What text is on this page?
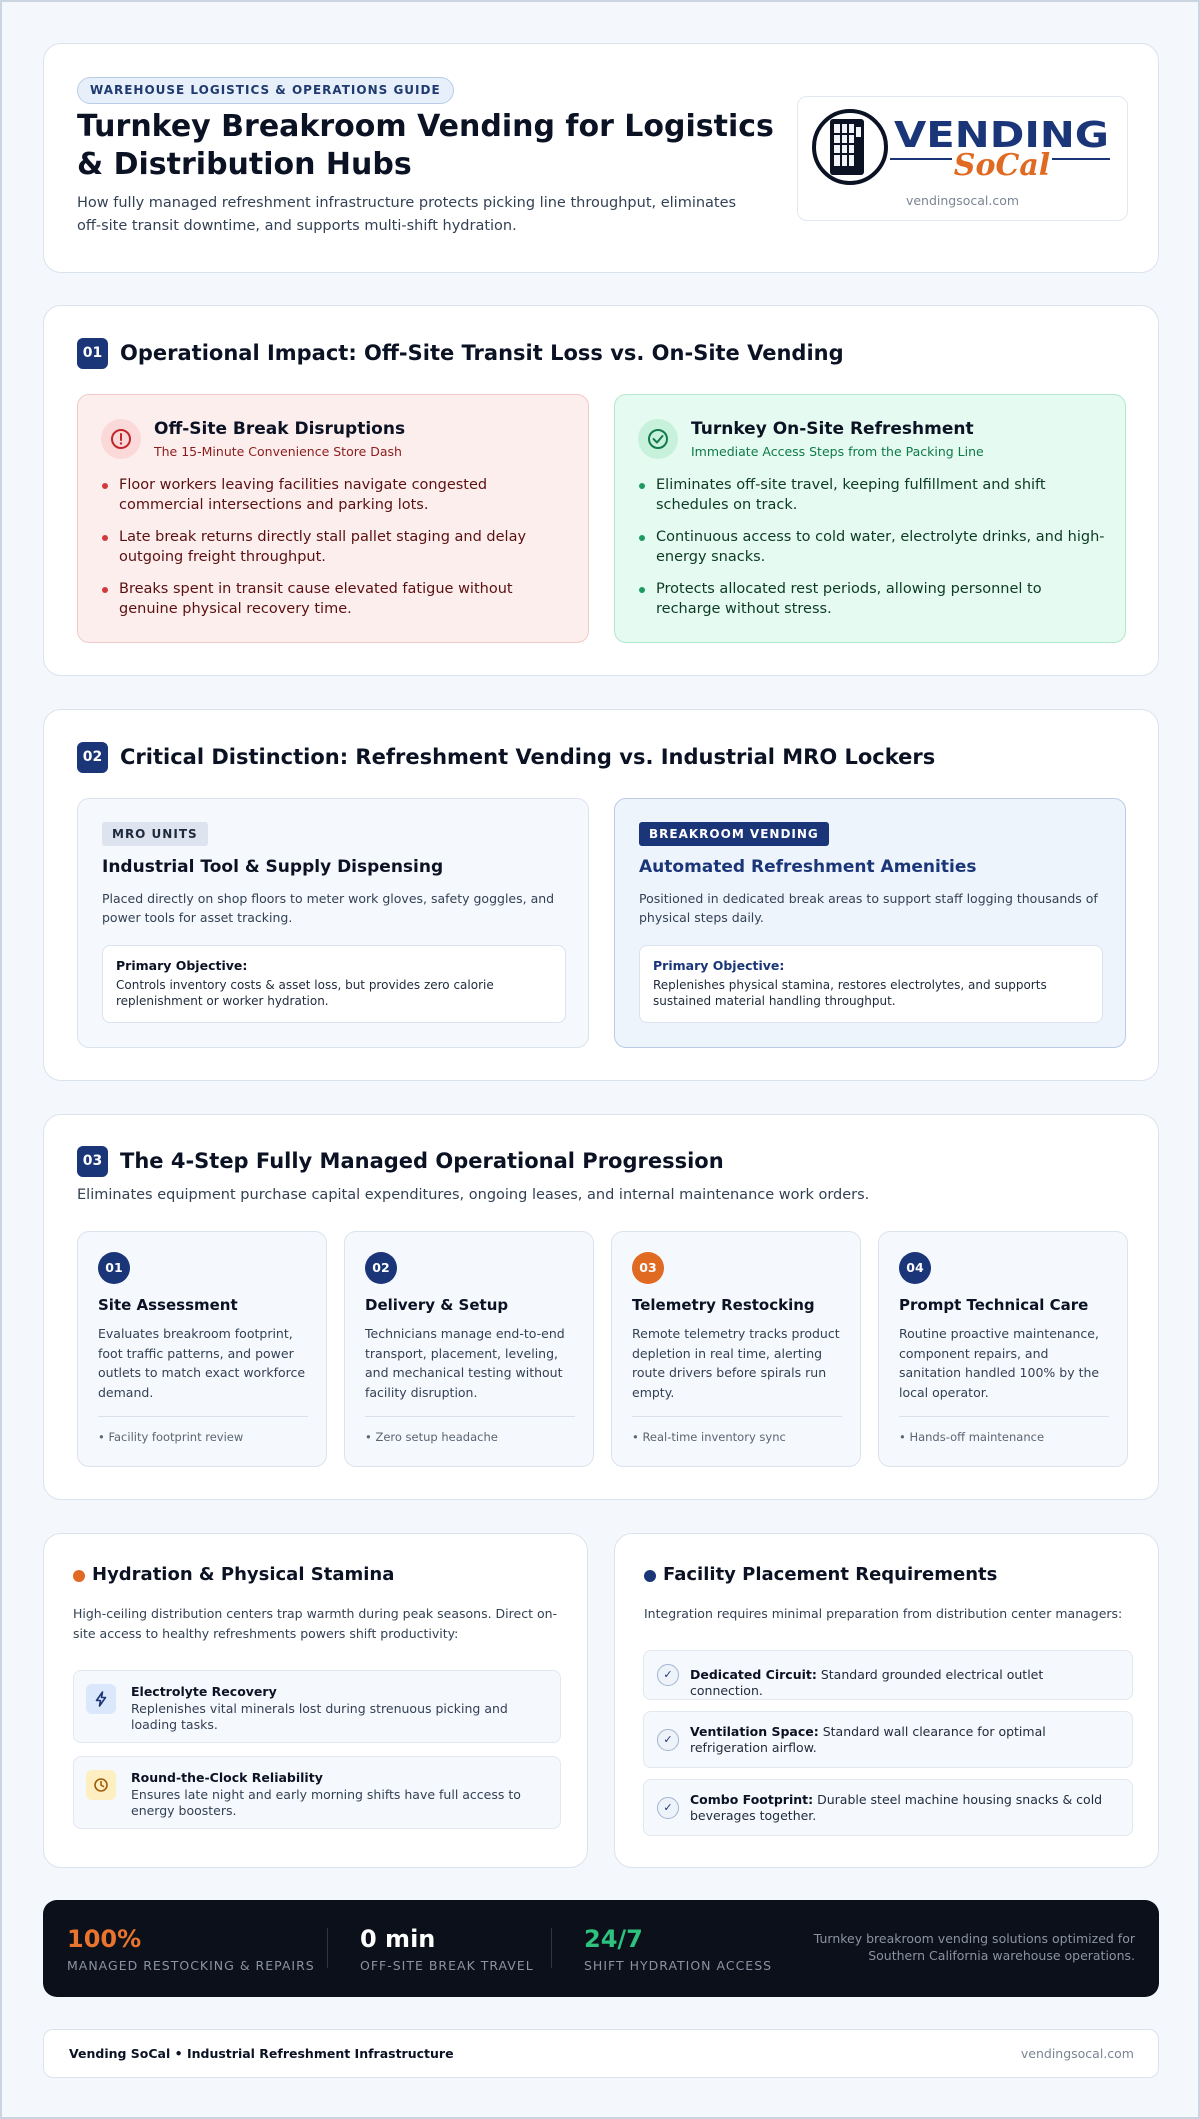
WAREHOUSE LOGISTICS & OPERATIONS GUIDE
Turnkey Breakroom Vending for Logistics & Distribution Hubs

How fully managed refreshment infrastructure protects picking line throughput, eliminates off-site transit downtime, and supports multi-shift hydration.

VENDING
SoCal
vendingsocal.com
01 Operational Impact: Off-Site Transit Loss vs. On-Site Vending
Off-Site Break Disruptions
The 15-Minute Convenience Store Dash
Floor workers leaving facilities navigate congested commercial intersections and parking lots.
Late break returns directly stall pallet staging and delay outgoing freight throughput.
Breaks spent in transit cause elevated fatigue without genuine physical recovery time.
Turnkey On-Site Refreshment
Immediate Access Steps from the Packing Line
Eliminates off-site travel, keeping fulfillment and shift schedules on track.
Continuous access to cold water, electrolyte drinks, and high-energy snacks.
Protects allocated rest periods, allowing personnel to recharge without stress.
02 Critical Distinction: Refreshment Vending vs. Industrial MRO Lockers
MRO UNITS
Industrial Tool & Supply Dispensing
Placed directly on shop floors to meter work gloves, safety goggles, and power tools for asset tracking.
Primary Objective:
Controls inventory costs & asset loss, but provides zero calorie replenishment or worker hydration.
BREAKROOM VENDING
Automated Refreshment Amenities
Positioned in dedicated break areas to support staff logging thousands of physical steps daily.
Primary Objective:
Replenishes physical stamina, restores electrolytes, and supports sustained material handling throughput.
03 The 4-Step Fully Managed Operational Progression

Eliminates equipment purchase capital expenditures, ongoing leases, and internal maintenance work orders.

01
Site Assessment
Evaluates breakroom footprint, foot traffic patterns, and power outlets to match exact workforce demand.
• Facility footprint review
02
Delivery & Setup
Technicians manage end-to-end transport, placement, leveling, and mechanical testing without facility disruption.
• Zero setup headache
03
Telemetry Restocking
Remote telemetry tracks product depletion in real time, alerting route drivers before spirals run empty.
• Real-time inventory sync
04
Prompt Technical Care
Routine proactive maintenance, component repairs, and sanitation handled 100% by the local operator.
• Hands-off maintenance
Hydration & Physical Stamina

High-ceiling distribution centers trap warmth during peak seasons. Direct on-site access to healthy refreshments powers shift productivity:

Electrolyte Recovery
Replenishes vital minerals lost during strenuous picking and loading tasks.
Round-the-Clock Reliability
Ensures late night and early morning shifts have full access to energy boosters.
Facility Placement Requirements

Integration requires minimal preparation from distribution center managers:

✓	Dedicated Circuit: Standard grounded electrical outlet connection.
✓
Ventilation Space: Standard wall clearance for optimal refrigeration airflow.
✓
Combo Footprint: Durable steel machine housing snacks & cold beverages together.
100%
MANAGED RESTOCKING & REPAIRS
0 min
OFF-SITE BREAK TRAVEL
24/7
SHIFT HYDRATION ACCESS
Turnkey breakroom vending solutions optimized for Southern California warehouse operations.
Vending SoCal • Industrial Refreshment Infrastructure	vendingsocal.com
